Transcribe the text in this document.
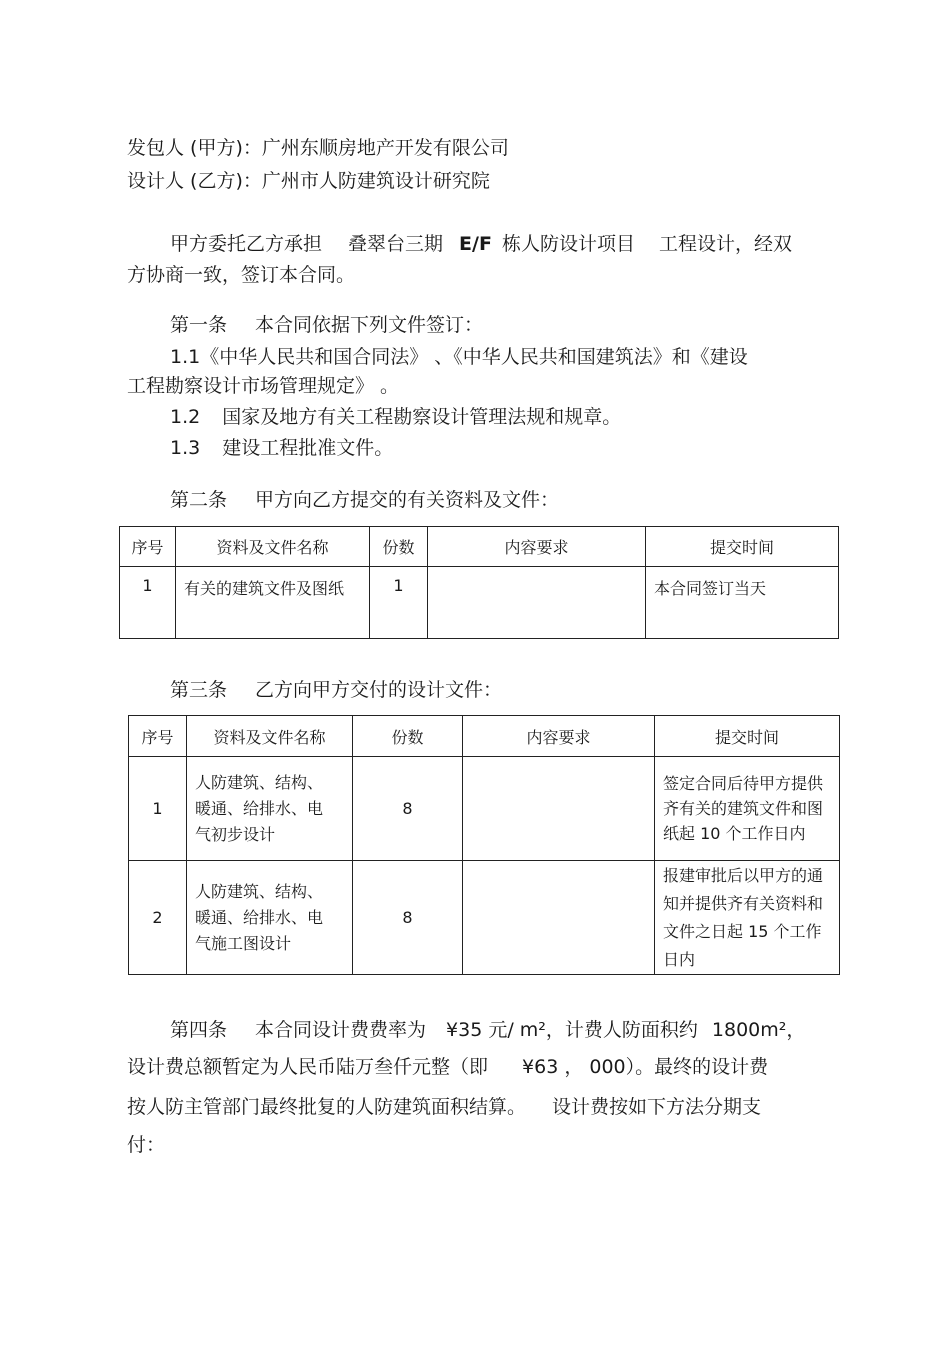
发包人 (甲方)：广州东顺房地产开发有限公司
设计人 (乙方)：广州市人防建筑设计研究院
甲方委托乙方承担 叠翠台三期 E/F 栋人防设计项目 工程设计，经双
方协商一致，签订本合同。
第一条 本合同依据下列文件签订：
1.1《中华人民共和国合同法》 、《中华人民共和国建筑法》和《建设
工程勘察设计市场管理规定》 。
1.2 国家及地方有关工程勘察设计管理法规和规章。
1.3 建设工程批准文件。
第二条 甲方向乙方提交的有关资料及文件：
序号	资料及文件名称	份数	内容要求	提交时间
1	有关的建筑文件及图纸	1		本合同签订当天
第三条 乙方向甲方交付的设计文件：
序号	资料及文件名称	份数	内容要求	提交时间
1	人防建筑、结构、暖通、给排水、电气初步设计	8		签定合同后待甲方提供齐有关的建筑文件和图纸起 10 个工作日内
2	人防建筑、结构、暖通、给排水、电气施工图设计	8		报建审批后以甲方的通知并提供齐有关资料和文件之日起 15 个工作日内
第四条 本合同设计费费率为 ¥35 元/ m²，计费人防面积约 1800m²，
设计费总额暂定为人民币陆万叁仟元整（即 ¥63 ， 000）。最终的设计费
按人防主管部门最终批复的人防建筑面积结算。 设计费按如下方法分期支
付：
